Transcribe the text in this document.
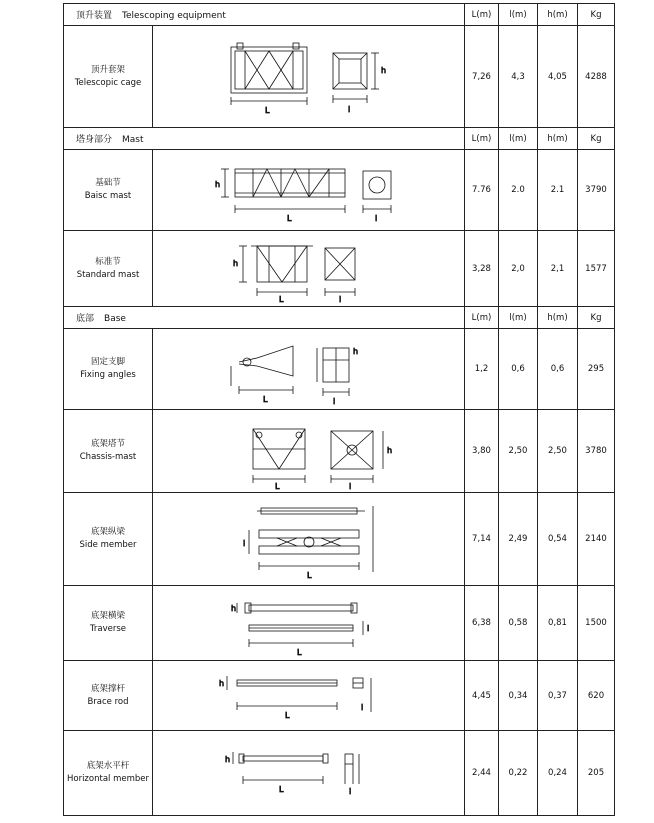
顶升装置 Telescoping equipment		L(m)	l(m)	h(m)	Kg

顶升套架
Telescopic cage	L
h
l	7,26	4,3	4,05	4288
塔身部分 Mast		L(m)	l(m)	h(m)	Kg

基础节
Baisc mast	h
L l	7.76	2.0	2.1	3790

标准节
Standard mast	h
L l	3,28	2,0	2,1	1577
底部 Base		L(m)	l(m)	h(m)	Kg

固定支脚
Fixing angles	L l
h	1,2	0,6	0,6	295

底架塔节
Chassis-mast	L
h
l	3,80	2,50	2,50	3780

底架纵梁
Side member	l
L	7,14	2,49	0,54	2140

底架横梁
Traverse	h
l
L	6,38	0,58	0,81	1500

底架撑杆
Brace rod	h
L
l	4,45	0,34	0,37	620

底架水平杆
Horizontal member	h
L l	2,44	0,22	0,24	205
